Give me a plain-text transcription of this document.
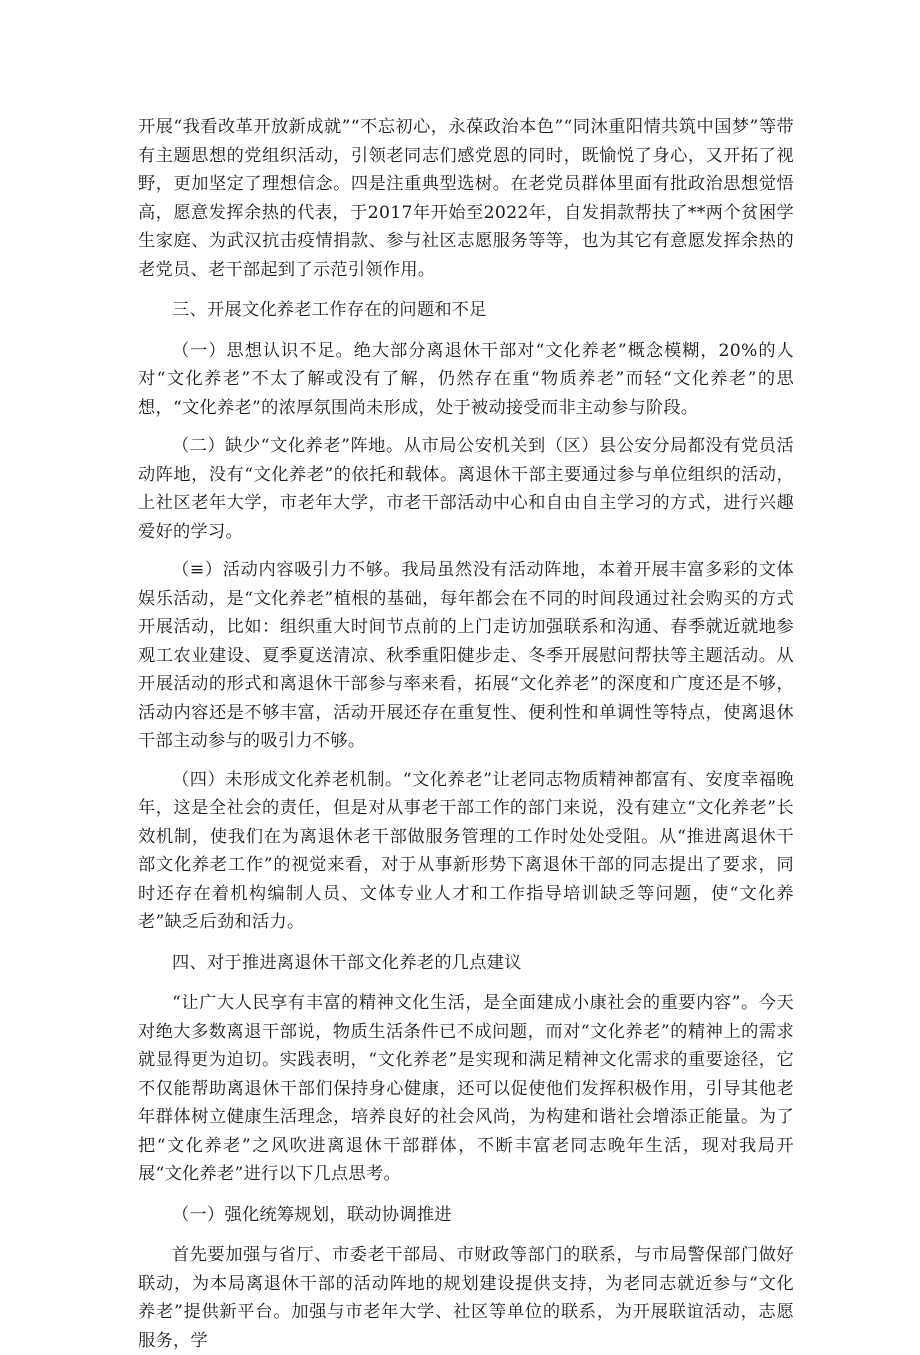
开展“我看改革开放新成就”“不忘初心，永葆政治本色”“同沐重阳情共筑中国梦”等带有主题思想的党组织活动，引领老同志们感党恩的同时，既愉悦了身心，又开拓了视野，更加坚定了理想信念。四是注重典型选树。在老党员群体里面有批政治思想觉悟高，愿意发挥余热的代表，于2017年开始至2022年，自发捐款帮扶了**两个贫困学生家庭、为武汉抗击疫情捐款、参与社区志愿服务等等，也为其它有意愿发挥余热的老党员、老干部起到了示范引领作用。

三、开展文化养老工作存在的问题和不足

（一）思想认识不足。绝大部分离退休干部对“文化养老”概念模糊，20%的人对“文化养老”不太了解或没有了解，仍然存在重“物质养老”而轻“文化养老”的思想，“文化养老”的浓厚氛围尚未形成，处于被动接受而非主动参与阶段。

（二）缺少“文化养老”阵地。从市局公安机关到（区）县公安分局都没有党员活动阵地，没有“文化养老”的依托和载体。离退休干部主要通过参与单位组织的活动，上社区老年大学，市老年大学，市老干部活动中心和自由自主学习的方式，进行兴趣爱好的学习。

（≡）活动内容吸引力不够。我局虽然没有活动阵地，本着开展丰富多彩的文体娱乐活动，是“文化养老”植根的基础，每年都会在不同的时间段通过社会购买的方式开展活动，比如：组织重大时间节点前的上门走访加强联系和沟通、春季就近就地参观工农业建设、夏季夏送清凉、秋季重阳健步走、冬季开展慰问帮扶等主题活动。从开展活动的形式和离退休干部参与率来看，拓展“文化养老”的深度和广度还是不够，活动内容还是不够丰富，活动开展还存在重复性、便利性和单调性等特点，使离退休干部主动参与的吸引力不够。

（四）未形成文化养老机制。“文化养老”让老同志物质精神都富有、安度幸福晚年，这是全社会的责任，但是对从事老干部工作的部门来说，没有建立“文化养老”长效机制，使我们在为离退休老干部做服务管理的工作时处处受阻。从“推进离退休干部文化养老工作”的视觉来看，对于从事新形势下离退休干部的同志提出了要求，同时还存在着机构编制人员、文体专业人才和工作指导培训缺乏等问题，使“文化养老”缺乏后劲和活力。

四、对于推进离退休干部文化养老的几点建议

“让广大人民享有丰富的精神文化生活，是全面建成小康社会的重要内容”。今天对绝大多数离退干部说，物质生活条件已不成问题，而对“文化养老”的精神上的需求就显得更为迫切。实践表明，“文化养老”是实现和满足精神文化需求的重要途径，它不仅能帮助离退休干部们保持身心健康，还可以促使他们发挥积极作用，引导其他老年群体树立健康生活理念，培养良好的社会风尚，为构建和谐社会增添正能量。为了把“文化养老”之风吹进离退休干部群体，不断丰富老同志晚年生活，现对我局开展“文化养老”进行以下几点思考。

（一）强化统筹规划，联动协调推进

首先要加强与省厅、市委老干部局、市财政等部门的联系，与市局警保部门做好联动，为本局离退休干部的活动阵地的规划建设提供支持，为老同志就近参与“文化养老”提供新平台。加强与市老年大学、社区等单位的联系，为开展联谊活动，志愿服务，学
